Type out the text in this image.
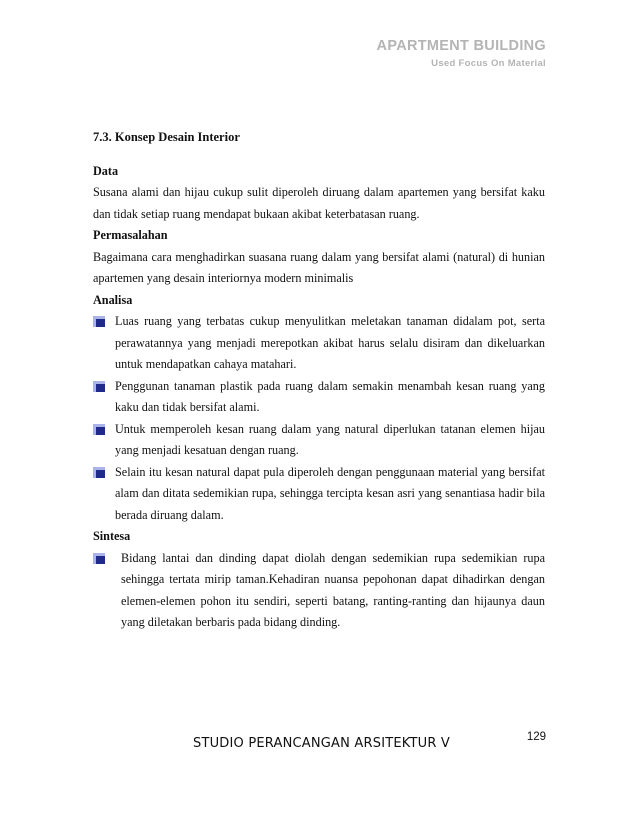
APARTMENT BUILDING
Used Focus On Material
7.3. Konsep Desain Interior
Data
Susana alami dan hijau cukup sulit diperoleh diruang dalam apartemen yang bersifat kaku dan tidak setiap ruang mendapat bukaan akibat keterbatasan ruang.
Permasalahan
Bagaimana cara menghadirkan suasana ruang dalam yang bersifat alami (natural) di hunian apartemen yang desain interiornya modern minimalis
Analisa
Luas ruang yang terbatas cukup menyulitkan meletakan tanaman didalam pot, serta perawatannya yang menjadi merepotkan akibat harus selalu disiram dan dikeluarkan untuk mendapatkan cahaya matahari.
Penggunan tanaman plastik pada ruang dalam semakin menambah kesan ruang yang kaku dan tidak bersifat alami.
Untuk memperoleh kesan ruang dalam yang natural diperlukan tatanan elemen hijau yang menjadi kesatuan dengan ruang.
Selain itu kesan natural dapat pula diperoleh dengan penggunaan material yang bersifat alam dan ditata sedemikian rupa, sehingga tercipta kesan asri yang senantiasa hadir bila berada diruang dalam.
Sintesa
Bidang lantai dan dinding dapat diolah dengan sedemikian rupa sedemikian rupa sehingga tertata mirip taman.Kehadiran nuansa pepohonan dapat dihadirkan dengan elemen-elemen pohon itu sendiri, seperti batang, ranting-ranting dan hijaunya daun yang diletakan berbaris pada bidang dinding.
129
STUDIO PERANCANGAN ARSITEKTUR V
